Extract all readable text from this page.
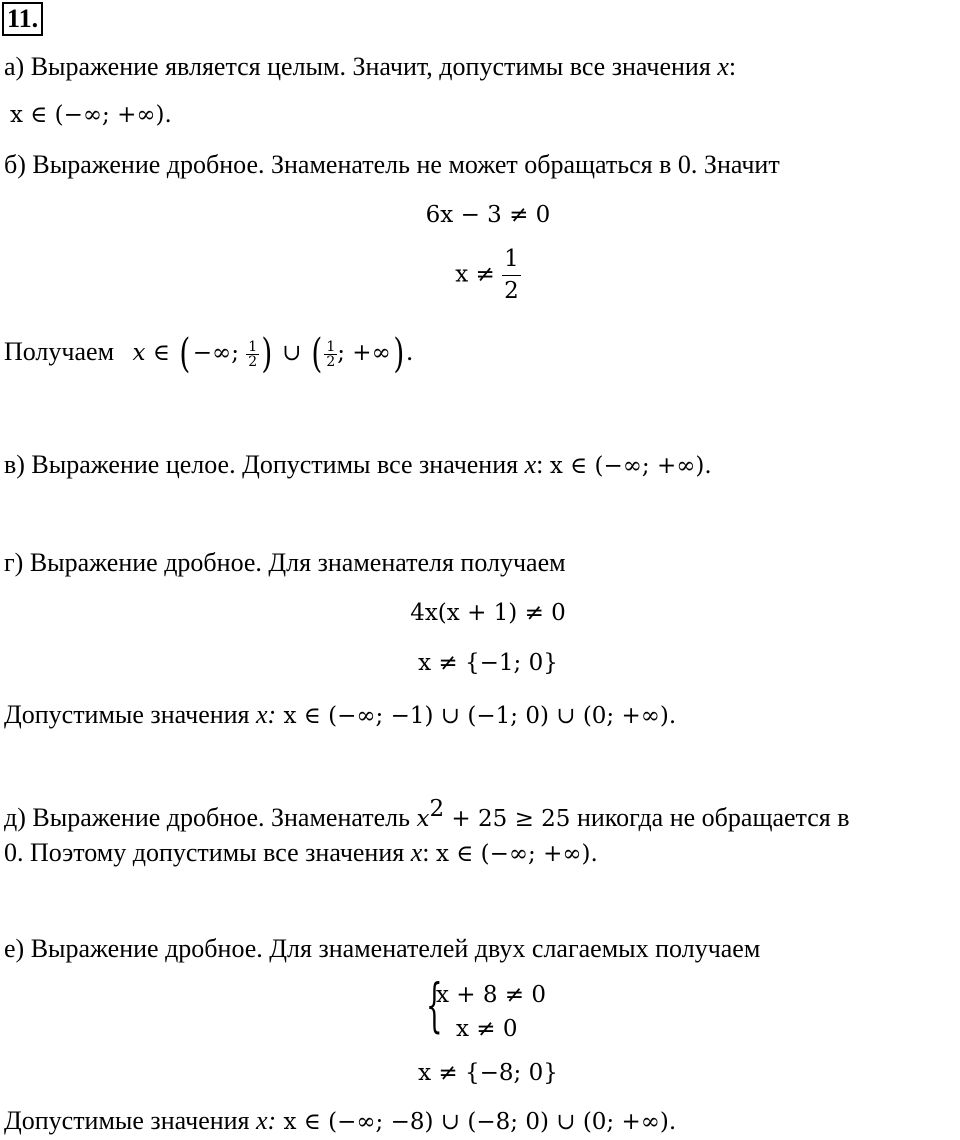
11.
а) Выражение является целым. Значит, допустимы все значения x:
x ∈ (−∞; +∞).
б) Выражение дробное. Знаменатель не может обращаться в 0. Значит
6x − 3 ≠ 0
$x \ne \frac{1}{2}$
Получаем x ∈ ( −∞; $\frac{1}{2}$ ) ∪ ( $\frac{1}{2}$ ; +∞).
в) Выражение целое. Допустимы все значения x: x ∈ (−∞; +∞).
г) Выражение дробное. Для знаменателя получаем
4x(x + 1) ≠ 0
x ≠ {−1; 0}
Допустимые значения x: x ∈ (−∞; −1) ∪ (−1; 0) ∪ (0; +∞).
д) Выражение дробное. Знаменатель $x^2 + 25 \ge 25$ никогда не обращается в
0. Поэтому допустимы все значения x: x ∈ (−∞; +∞).
е) Выражение дробное. Для знаменателей двух слагаемых получаем
{
x + 8 ≠ 0
x ≠ 0
x ≠ {−8; 0}
Допустимые значения x: x ∈ (−∞; −8) ∪ (−8; 0) ∪ (0; +∞).
